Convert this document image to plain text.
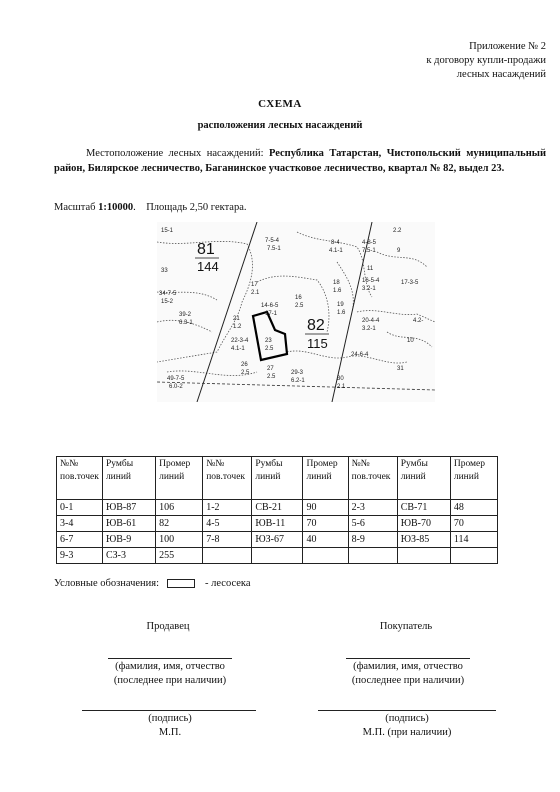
Приложение № 2
к договору купли-продажи
лесных насаждений
СХЕМА
расположения лесных насаждений
Местоположение лесных насаждений: Республика Татарстан, Чистопольский муниципальный район, Билярское лесничество, Баганинское участковое лесничество, квартал № 82, выдел 23.
Масштаб 1:10000. Площадь 2,50 гектара.
81
144
82
115
15-1
33
34-7-5
15-2
39-2
6.3-1
7-5-4
7.5-1
8-4
4.1-1
4-8-5
7.5-1
2.2
17
2.1
14-6-5
17-1
16
2.5
21
1.2
22-3-4
4.1-1
23
2.5
18
1.6
19
1.6
11
16-5-4
3.2-1
20-4-4
3.2-1
17-3-5
26
2.5	29-3
6.2-1
49-7-5
6.0-2
24-6-4
30
2.1
27
2.5
31
9
10
4.2-
№№ пов.точек	Румбы линий	Промер линий	№№ пов.точек	Румбы линий	Промер линий	№№ пов.точек	Румбы линий	Промер линий
0-1	ЮВ-87	106	1-2	СВ-21	90	2-3	СВ-71	48
3-4	ЮВ-61	82	4-5	ЮВ-11	70	5-6	ЮВ-70	70
6-7	ЮВ-9	100	7-8	ЮЗ-67	40	8-9	ЮЗ-85	114
9-3	СЗ-3	255						
Условные обозначения:	- лесосека
Продавец
(фамилия, имя, отчество
(последнее при наличии)
(подпись)
М.П.
Покупатель
(фамилия, имя, отчество
(последнее при наличии)
(подпись)
М.П. (при наличии)
